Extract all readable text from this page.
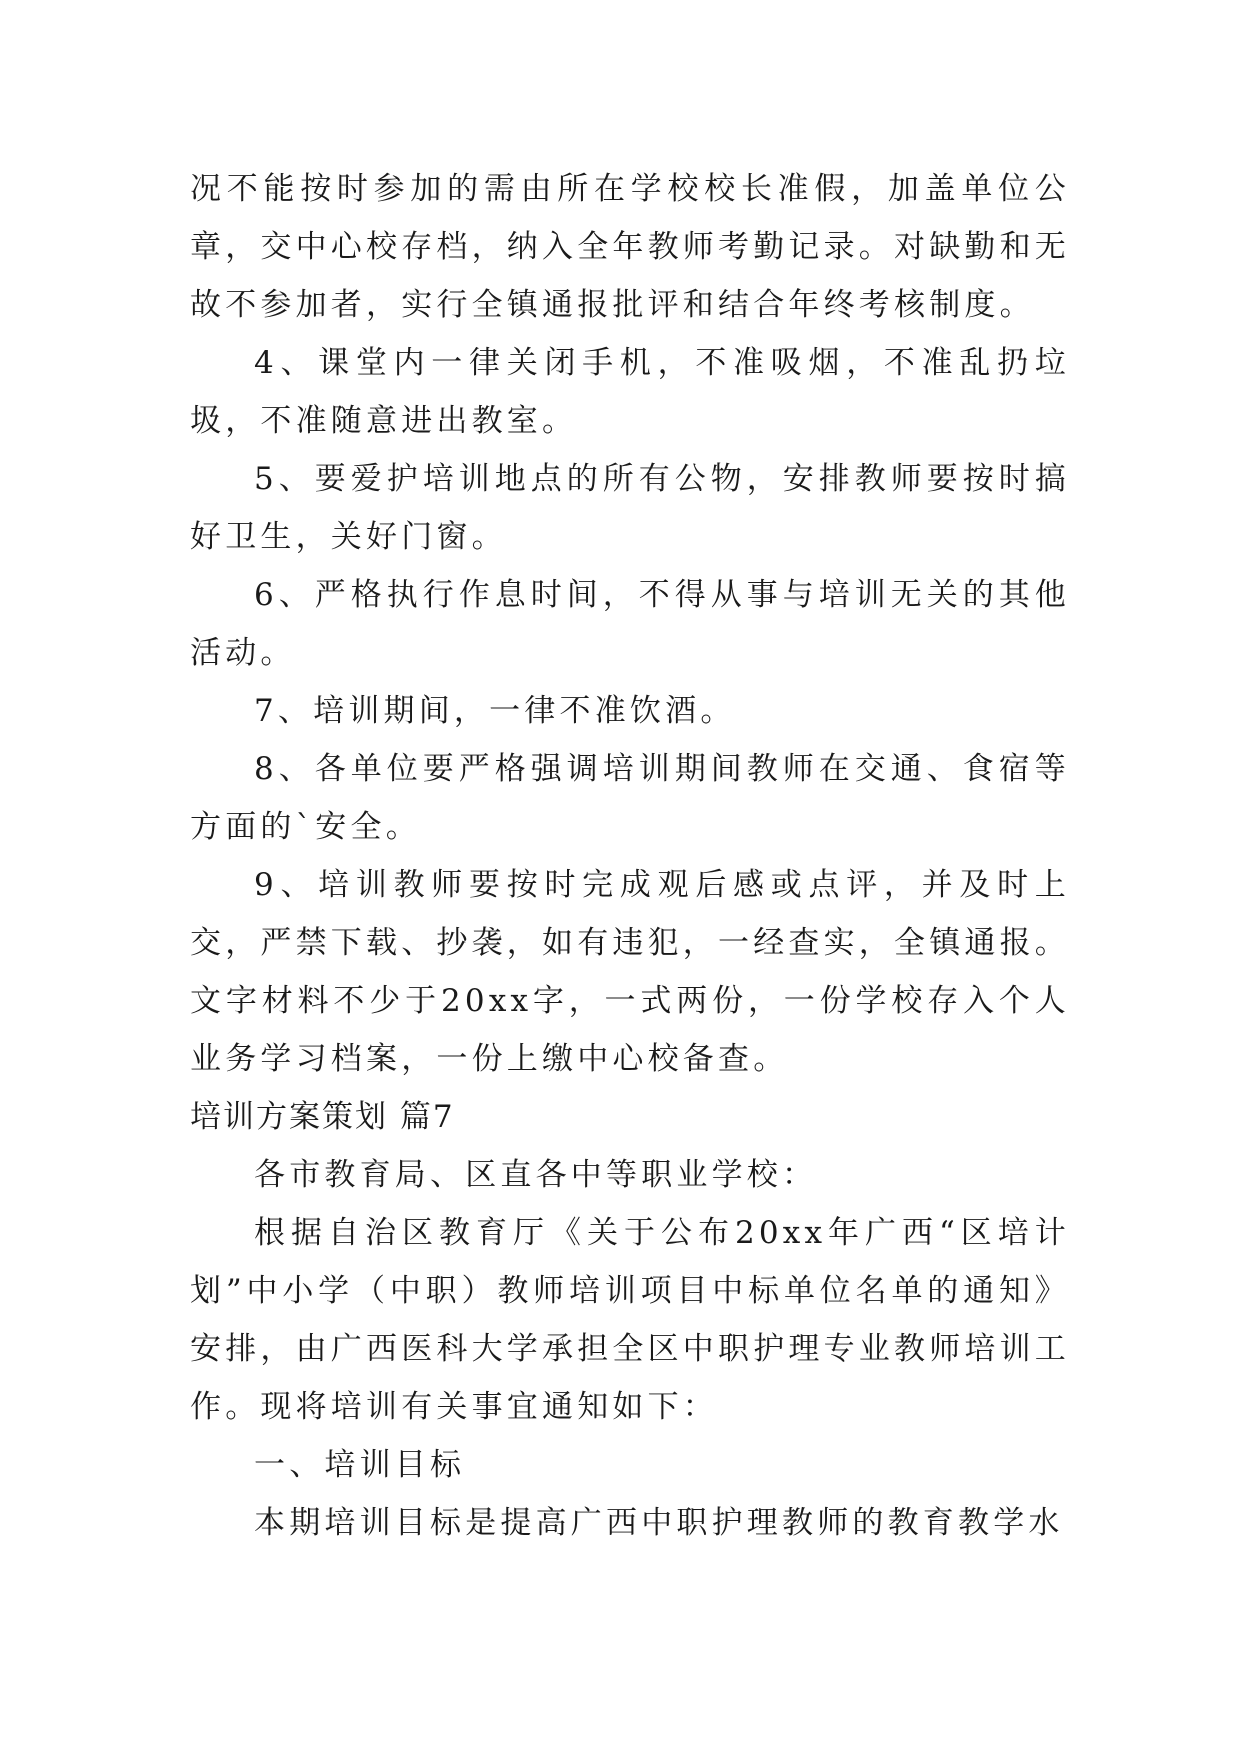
况不能按时参加的需由所在学校校长准假，加盖单位公章，交中心校存档，纳入全年教师考勤记录。对缺勤和无故不参加者，实行全镇通报批评和结合年终考核制度。

4、课堂内一律关闭手机，不准吸烟，不准乱扔垃圾，不准随意进出教室。

5、要爱护培训地点的所有公物，安排教师要按时搞好卫生，关好门窗。

6、严格执行作息时间，不得从事与培训无关的其他活动。

7、培训期间，一律不准饮酒。

8、各单位要严格强调培训期间教师在交通、食宿等方面的`安全。

9、培训教师要按时完成观后感或点评，并及时上交，严禁下载、抄袭，如有违犯，一经查实，全镇通报。文字材料不少于20xx字，一式两份，一份学校存入个人业务学习档案，一份上缴中心校备查。

培训方案策划 篇7

各市教育局、区直各中等职业学校：

根据自治区教育厅《关于公布20xx年广西“区培计划”中小学（中职）教师培训项目中标单位名单的通知》安排，由广西医科大学承担全区中职护理专业教师培训工作。现将培训有关事宜通知如下：

一、培训目标

本期培训目标是提高广西中职护理教师的教育教学水
